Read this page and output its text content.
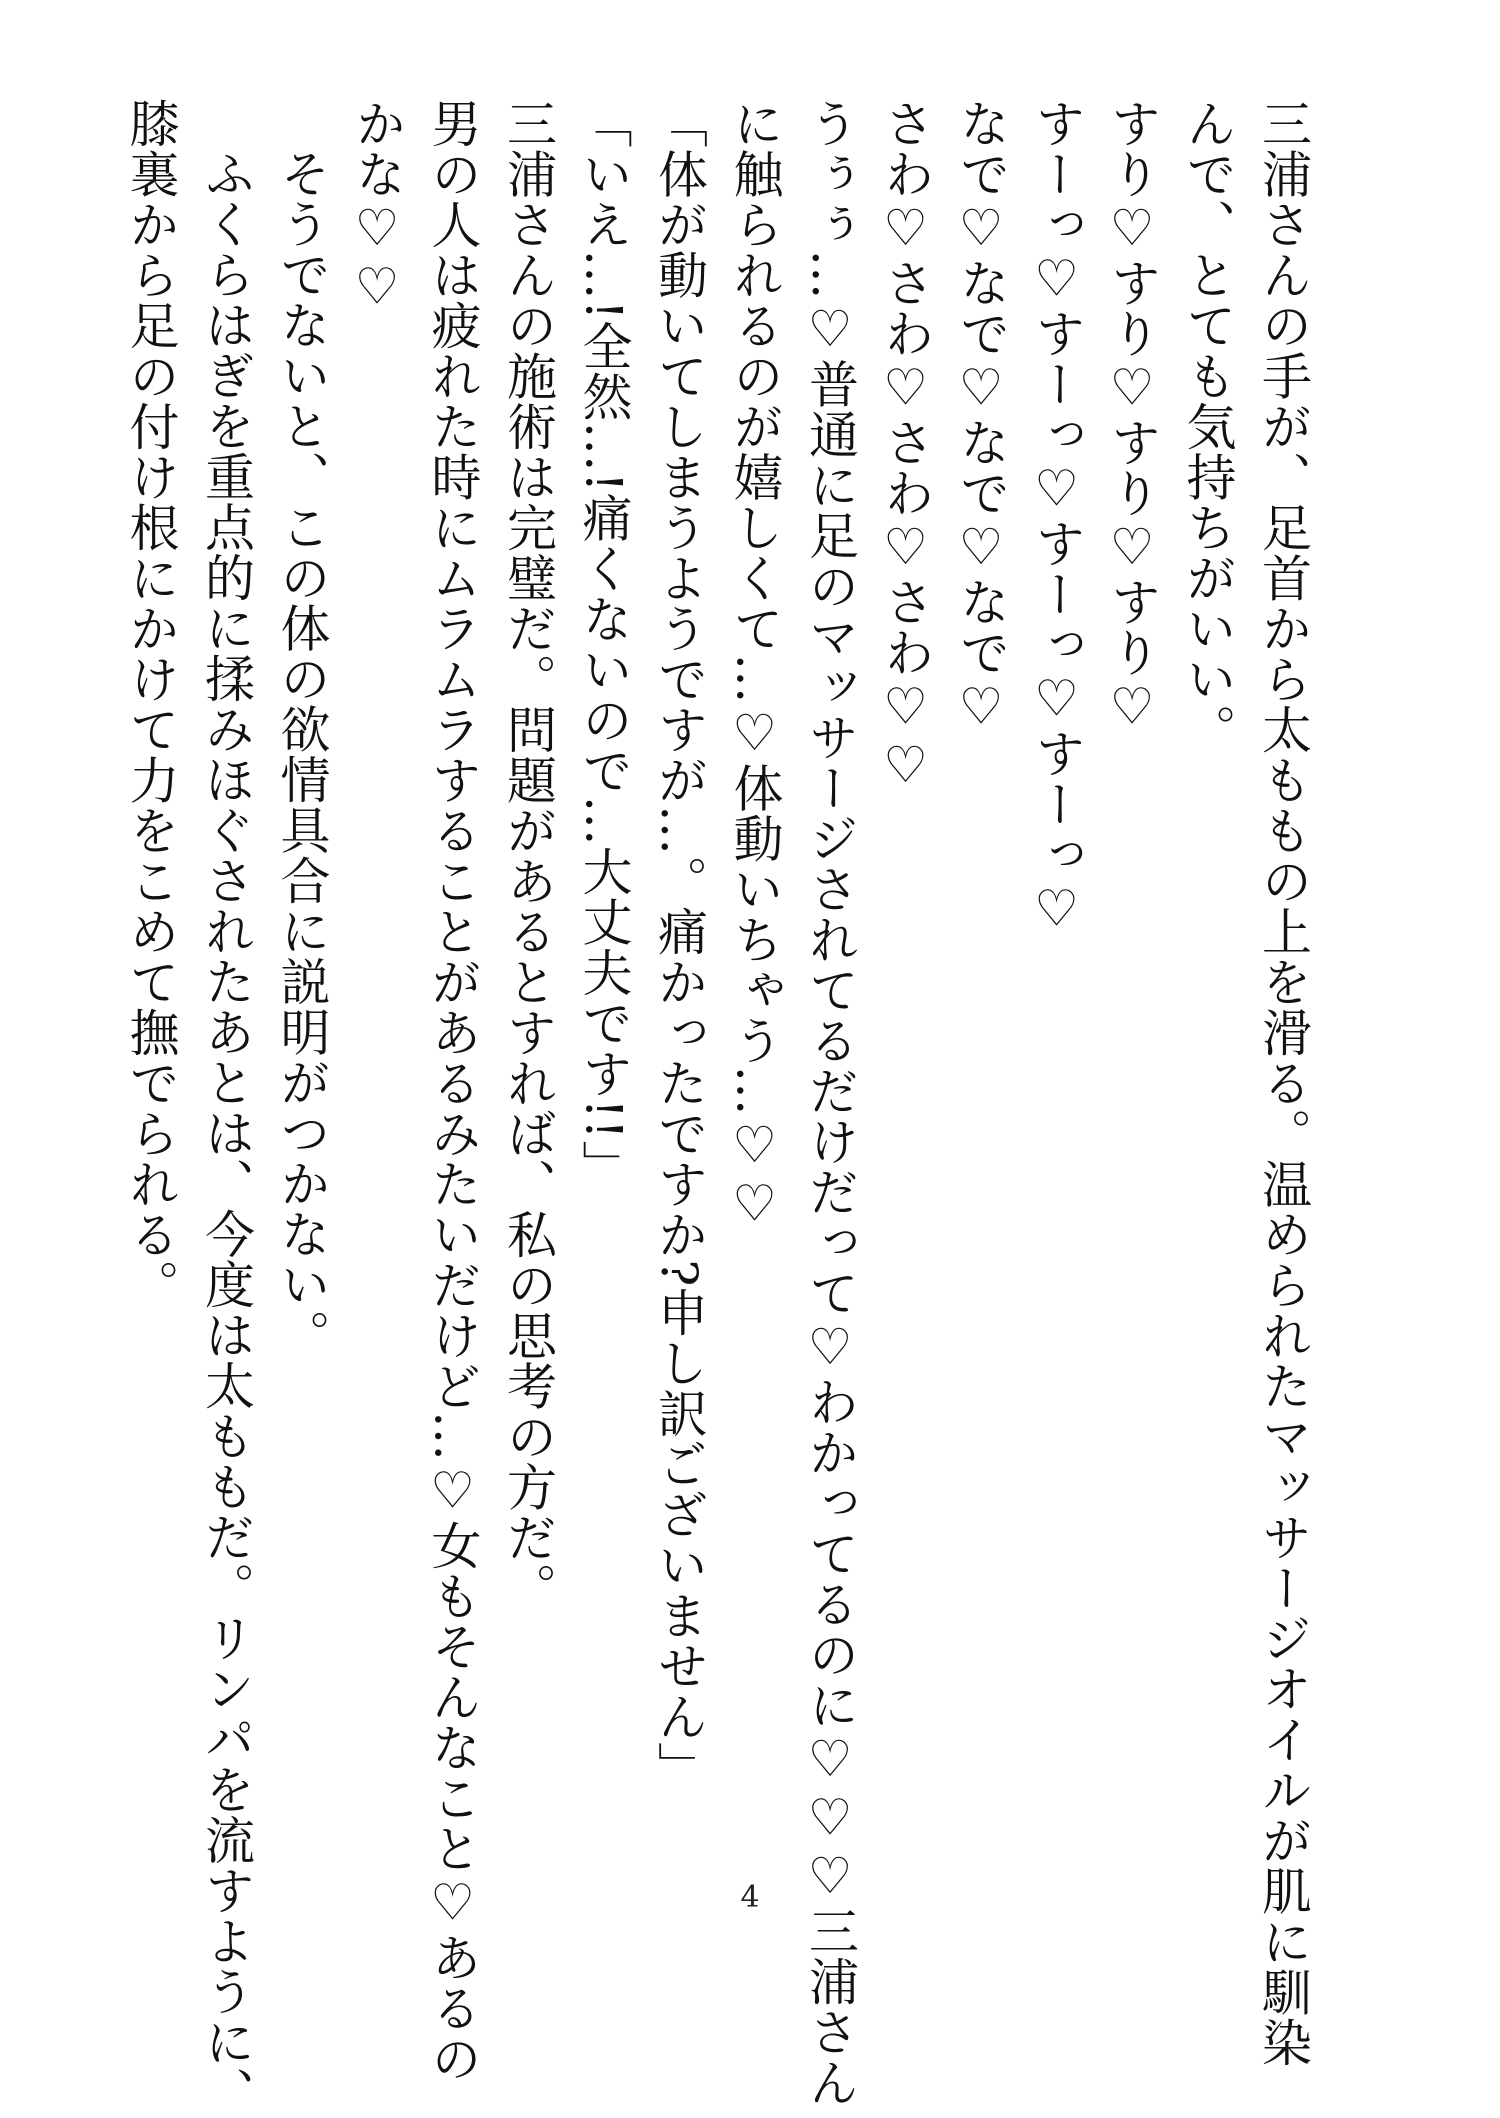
三浦さんの手が、足首から太ももの上を滑る。温められたマッサージオイルが肌に馴染

んで、とても気持ちがいい。

すり♡すり♡すり♡すり♡

すーっ♡すーっ♡すーっ♡すーっ♡

なで♡なで♡なで♡なで♡

さわ♡さわ♡さわ♡さわ♡♡

うぅぅ…♡普通に足のマッサージされてるだけだって♡わかってるのに♡♡♡三浦さん

に触られるのが嬉しくて…♡体動いちゃう…♡♡

「体が動いてしまうようですが…。痛かったですか?申し訳ございません」

「いえ…!全然…!痛くないので…大丈夫です!!」

三浦さんの施術は完璧だ。問題があるとすれば、私の思考の方だ。

男の人は疲れた時にムラムラすることがあるみたいだけど…♡女もそんなこと♡あるの

かな♡♡

そうでないと、この体の欲情具合に説明がつかない。

ふくらはぎを重点的に揉みほぐされたあとは、今度は太ももだ。リンパを流すように、

膝裏から足の付け根にかけて力をこめて撫でられる。

4
